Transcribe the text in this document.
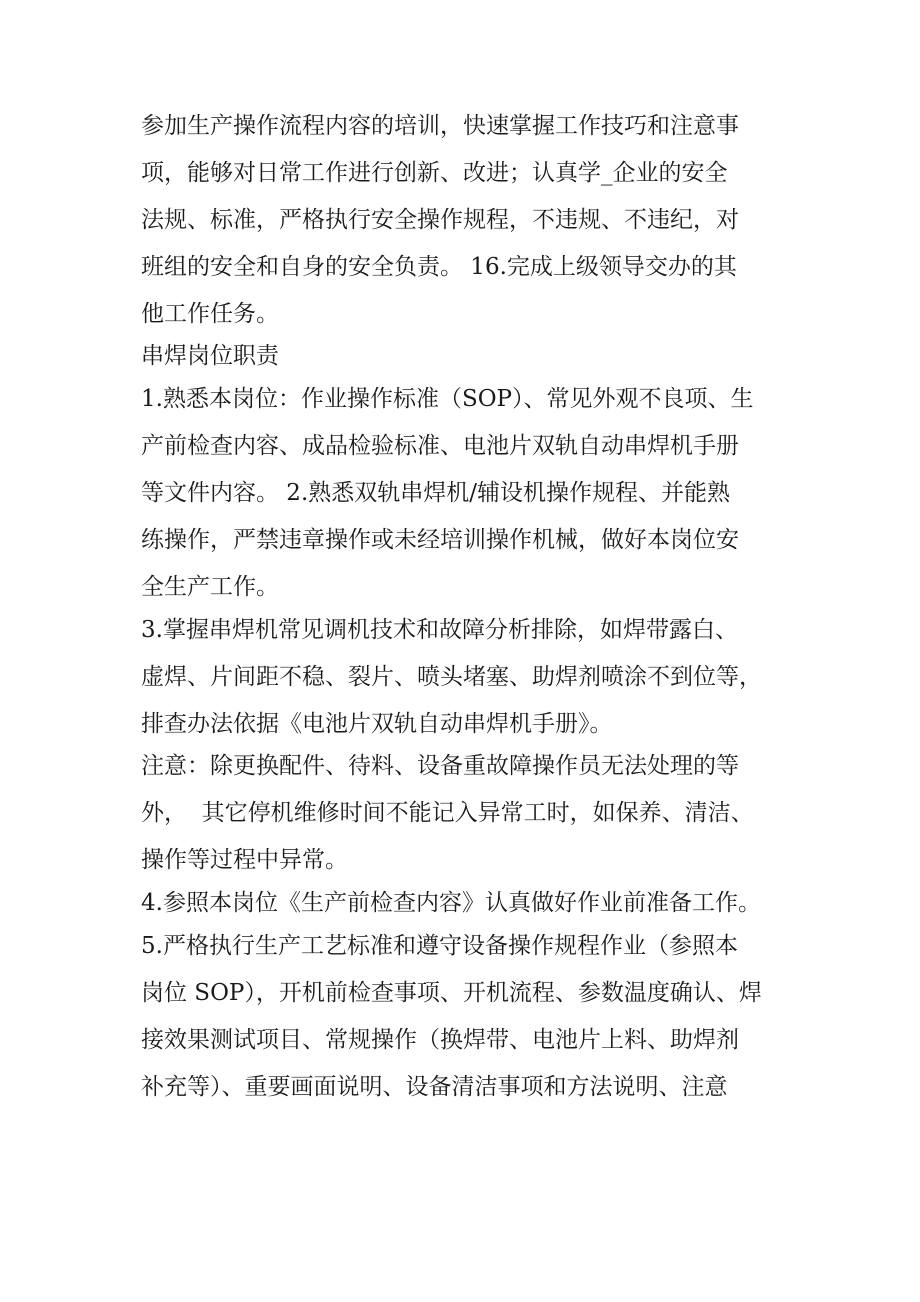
参加生产操作流程内容的培训，快速掌握工作技巧和注意事
项，能够对日常工作进行创新、改进；认真学_企业的安全
法规、标准，严格执行安全操作规程，不违规、不违纪，对
班组的安全和自身的安全负责。 16.完成上级领导交办的其
他工作任务。
串焊岗位职责
1.熟悉本岗位：作业操作标准（SOP）、常见外观不良项、生
产前检查内容、成品检验标准、电池片双轨自动串焊机手册
等文件内容。 2.熟悉双轨串焊机/辅设机操作规程、并能熟
练操作，严禁违章操作或未经培训操作机械，做好本岗位安
全生产工作。
3.掌握串焊机常见调机技术和故障分析排除，如焊带露白、
虚焊、片间距不稳、裂片、喷头堵塞、助焊剂喷涂不到位等，
排查办法依据《电池片双轨自动串焊机手册》。
注意：除更换配件、待料、设备重故障操作员无法处理的等
外，  其它停机维修时间不能记入异常工时，如保养、清洁、
操作等过程中异常。
4.参照本岗位《生产前检查内容》认真做好作业前准备工作。
5.严格执行生产工艺标准和遵守设备操作规程作业（参照本
岗位 SOP），开机前检查事项、开机流程、参数温度确认、焊
接效果测试项目、常规操作（换焊带、电池片上料、助焊剂
补充等）、重要画面说明、设备清洁事项和方法说明、注意
